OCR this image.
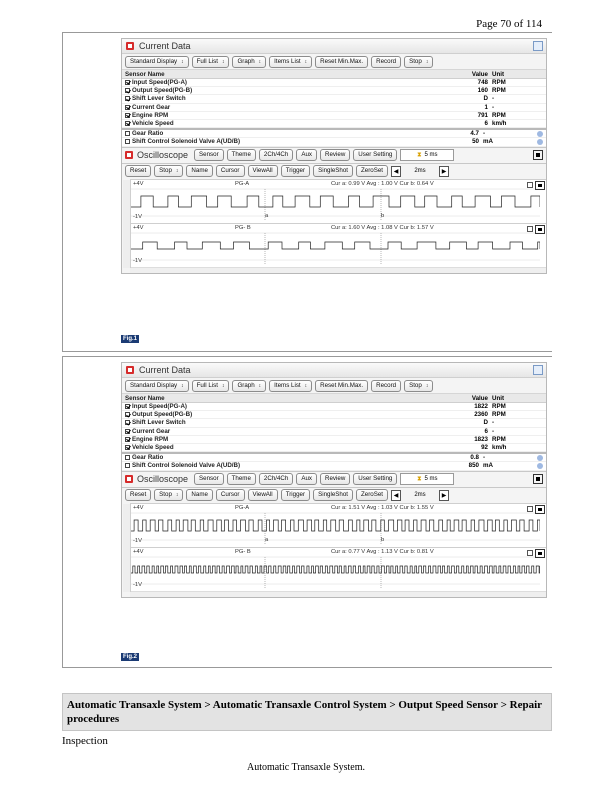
Page 70 of 114
Current Data
Standard Display ↕ Full List ↕ Graph ↕ Items List ↕ Reset Min.Max. Record Stop ↕
Sensor Name	Value Unit
Input Speed(PG-A)	748 RPM
Output Speed(PG-B)	160 RPM
Shift Lever Switch	D -
Current Gear	1 -
Engine RPM	791 RPM
Vehicle Speed	6 km/h
Gear Ratio	4.7 -
Shift Control Solenoid Valve A(UD/B)	50 mA
Oscilloscope	Sensor	Theme	2Ch/4Ch	Aux	Review	User Setting	⧗ 5 ms
Reset Stop ↕ Name Cursor ViewAll Trigger SingleShot ZeroSet	◀	2ms	▶
+4V
-1V
PG-A	Cur a: 0.99 V Avg : 1.00 V Cur b: 0.64 V
a	b
+4V
-1V
PG- B	Cur a: 1.60 V Avg : 1.08 V Cur b: 1.57 V
Fig.1
Current Data
Standard Display ↕ Full List ↕ Graph ↕ Items List ↕ Reset Min.Max. Record Stop ↕
Sensor Name	Value Unit
Input Speed(PG-A)	1822 RPM
Output Speed(PG-B)	2360 RPM
Shift Lever Switch	D -
Current Gear	6 -
Engine RPM	1823 RPM
Vehicle Speed	92 km/h
Gear Ratio	0.8 -
Shift Control Solenoid Valve A(UD/B)	850 mA
Oscilloscope	Sensor	Theme	2Ch/4Ch	Aux	Review	User Setting	⧗ 5 ms
Reset Stop ↕ Name Cursor ViewAll Trigger SingleShot ZeroSet	◀	2ms	▶
+4V
-1V
PG-A	Cur a: 1.51 V Avg : 1.03 V Cur b: 1.55 V
a	b
+4V
-1V
PG- B	Cur a: 0.77 V Avg : 1.13 V Cur b: 0.81 V
Fig.2
Automatic Transaxle System > Automatic Transaxle Control System > Output Speed Sensor > Repair procedures
Inspection
Automatic Transaxle System.
